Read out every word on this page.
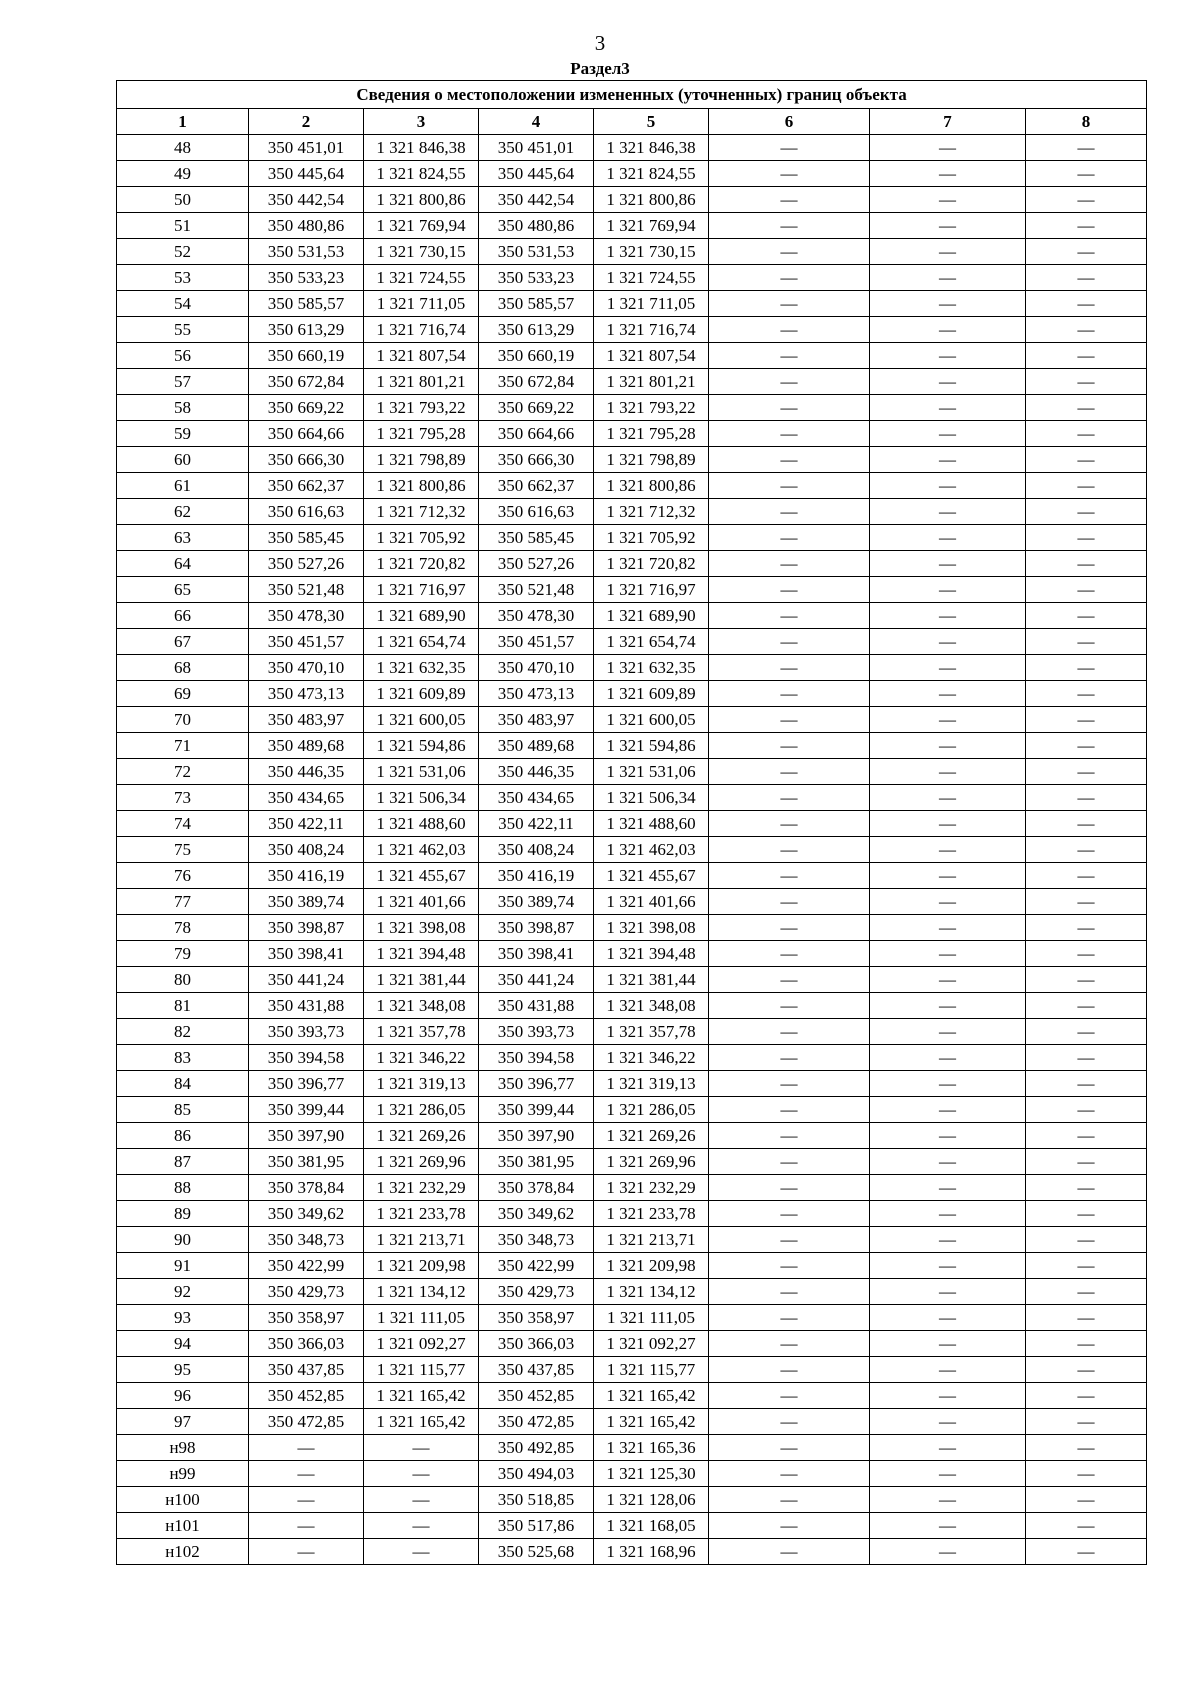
3
Раздел3
Сведения о местоположении измененных (уточненных) границ объекта							
1	2	3	4	5	6	7	8
48	350 451,01	1 321 846,38	350 451,01	1 321 846,38	—	—	—
49	350 445,64	1 321 824,55	350 445,64	1 321 824,55	—	—	—
50	350 442,54	1 321 800,86	350 442,54	1 321 800,86	—	—	—
51	350 480,86	1 321 769,94	350 480,86	1 321 769,94	—	—	—
52	350 531,53	1 321 730,15	350 531,53	1 321 730,15	—	—	—
53	350 533,23	1 321 724,55	350 533,23	1 321 724,55	—	—	—
54	350 585,57	1 321 711,05	350 585,57	1 321 711,05	—	—	—
55	350 613,29	1 321 716,74	350 613,29	1 321 716,74	—	—	—
56	350 660,19	1 321 807,54	350 660,19	1 321 807,54	—	—	—
57	350 672,84	1 321 801,21	350 672,84	1 321 801,21	—	—	—
58	350 669,22	1 321 793,22	350 669,22	1 321 793,22	—	—	—
59	350 664,66	1 321 795,28	350 664,66	1 321 795,28	—	—	—
60	350 666,30	1 321 798,89	350 666,30	1 321 798,89	—	—	—
61	350 662,37	1 321 800,86	350 662,37	1 321 800,86	—	—	—
62	350 616,63	1 321 712,32	350 616,63	1 321 712,32	—	—	—
63	350 585,45	1 321 705,92	350 585,45	1 321 705,92	—	—	—
64	350 527,26	1 321 720,82	350 527,26	1 321 720,82	—	—	—
65	350 521,48	1 321 716,97	350 521,48	1 321 716,97	—	—	—
66	350 478,30	1 321 689,90	350 478,30	1 321 689,90	—	—	—
67	350 451,57	1 321 654,74	350 451,57	1 321 654,74	—	—	—
68	350 470,10	1 321 632,35	350 470,10	1 321 632,35	—	—	—
69	350 473,13	1 321 609,89	350 473,13	1 321 609,89	—	—	—
70	350 483,97	1 321 600,05	350 483,97	1 321 600,05	—	—	—
71	350 489,68	1 321 594,86	350 489,68	1 321 594,86	—	—	—
72	350 446,35	1 321 531,06	350 446,35	1 321 531,06	—	—	—
73	350 434,65	1 321 506,34	350 434,65	1 321 506,34	—	—	—
74	350 422,11	1 321 488,60	350 422,11	1 321 488,60	—	—	—
75	350 408,24	1 321 462,03	350 408,24	1 321 462,03	—	—	—
76	350 416,19	1 321 455,67	350 416,19	1 321 455,67	—	—	—
77	350 389,74	1 321 401,66	350 389,74	1 321 401,66	—	—	—
78	350 398,87	1 321 398,08	350 398,87	1 321 398,08	—	—	—
79	350 398,41	1 321 394,48	350 398,41	1 321 394,48	—	—	—
80	350 441,24	1 321 381,44	350 441,24	1 321 381,44	—	—	—
81	350 431,88	1 321 348,08	350 431,88	1 321 348,08	—	—	—
82	350 393,73	1 321 357,78	350 393,73	1 321 357,78	—	—	—
83	350 394,58	1 321 346,22	350 394,58	1 321 346,22	—	—	—
84	350 396,77	1 321 319,13	350 396,77	1 321 319,13	—	—	—
85	350 399,44	1 321 286,05	350 399,44	1 321 286,05	—	—	—
86	350 397,90	1 321 269,26	350 397,90	1 321 269,26	—	—	—
87	350 381,95	1 321 269,96	350 381,95	1 321 269,96	—	—	—
88	350 378,84	1 321 232,29	350 378,84	1 321 232,29	—	—	—
89	350 349,62	1 321 233,78	350 349,62	1 321 233,78	—	—	—
90	350 348,73	1 321 213,71	350 348,73	1 321 213,71	—	—	—
91	350 422,99	1 321 209,98	350 422,99	1 321 209,98	—	—	—
92	350 429,73	1 321 134,12	350 429,73	1 321 134,12	—	—	—
93	350 358,97	1 321 111,05	350 358,97	1 321 111,05	—	—	—
94	350 366,03	1 321 092,27	350 366,03	1 321 092,27	—	—	—
95	350 437,85	1 321 115,77	350 437,85	1 321 115,77	—	—	—
96	350 452,85	1 321 165,42	350 452,85	1 321 165,42	—	—	—
97	350 472,85	1 321 165,42	350 472,85	1 321 165,42	—	—	—
н98	—	—	350 492,85	1 321 165,36	—	—	—
н99	—	—	350 494,03	1 321 125,30	—	—	—
н100	—	—	350 518,85	1 321 128,06	—	—	—
н101	—	—	350 517,86	1 321 168,05	—	—	—
н102	—	—	350 525,68	1 321 168,96	—	—	—
